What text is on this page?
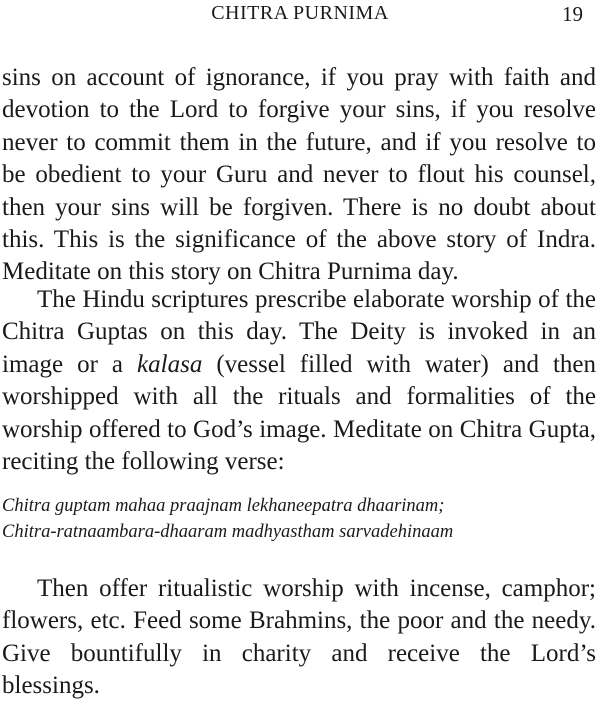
CHITRA PURNIMA	19

sins on account of ignorance, if you pray with faith and devotion to the Lord to forgive your sins, if you resolve never to commit them in the future, and if you resolve to be obedient to your Guru and never to flout his counsel, then your sins will be forgiven. There is no doubt about this. This is the significance of the above story of Indra. Meditate on this story on Chitra Purnima day.

The Hindu scriptures prescribe elaborate worship of the Chitra Guptas on this day. The Deity is invoked in an image or a kalasa (vessel filled with water) and then worshipped with all the rituals and formalities of the worship offered to God’s image. Meditate on Chitra Gupta, reciting the following verse:

Chitra guptam mahaa praajnam lekhaneepatra dhaarinam;
Chitra-ratnaambara-dhaaram madhyastham sarvadehinaam

Then offer ritualistic worship with incense, camphor; flowers, etc. Feed some Brahmins, the poor and the needy. Give bountifully in charity and receive the Lord’s blessings.
